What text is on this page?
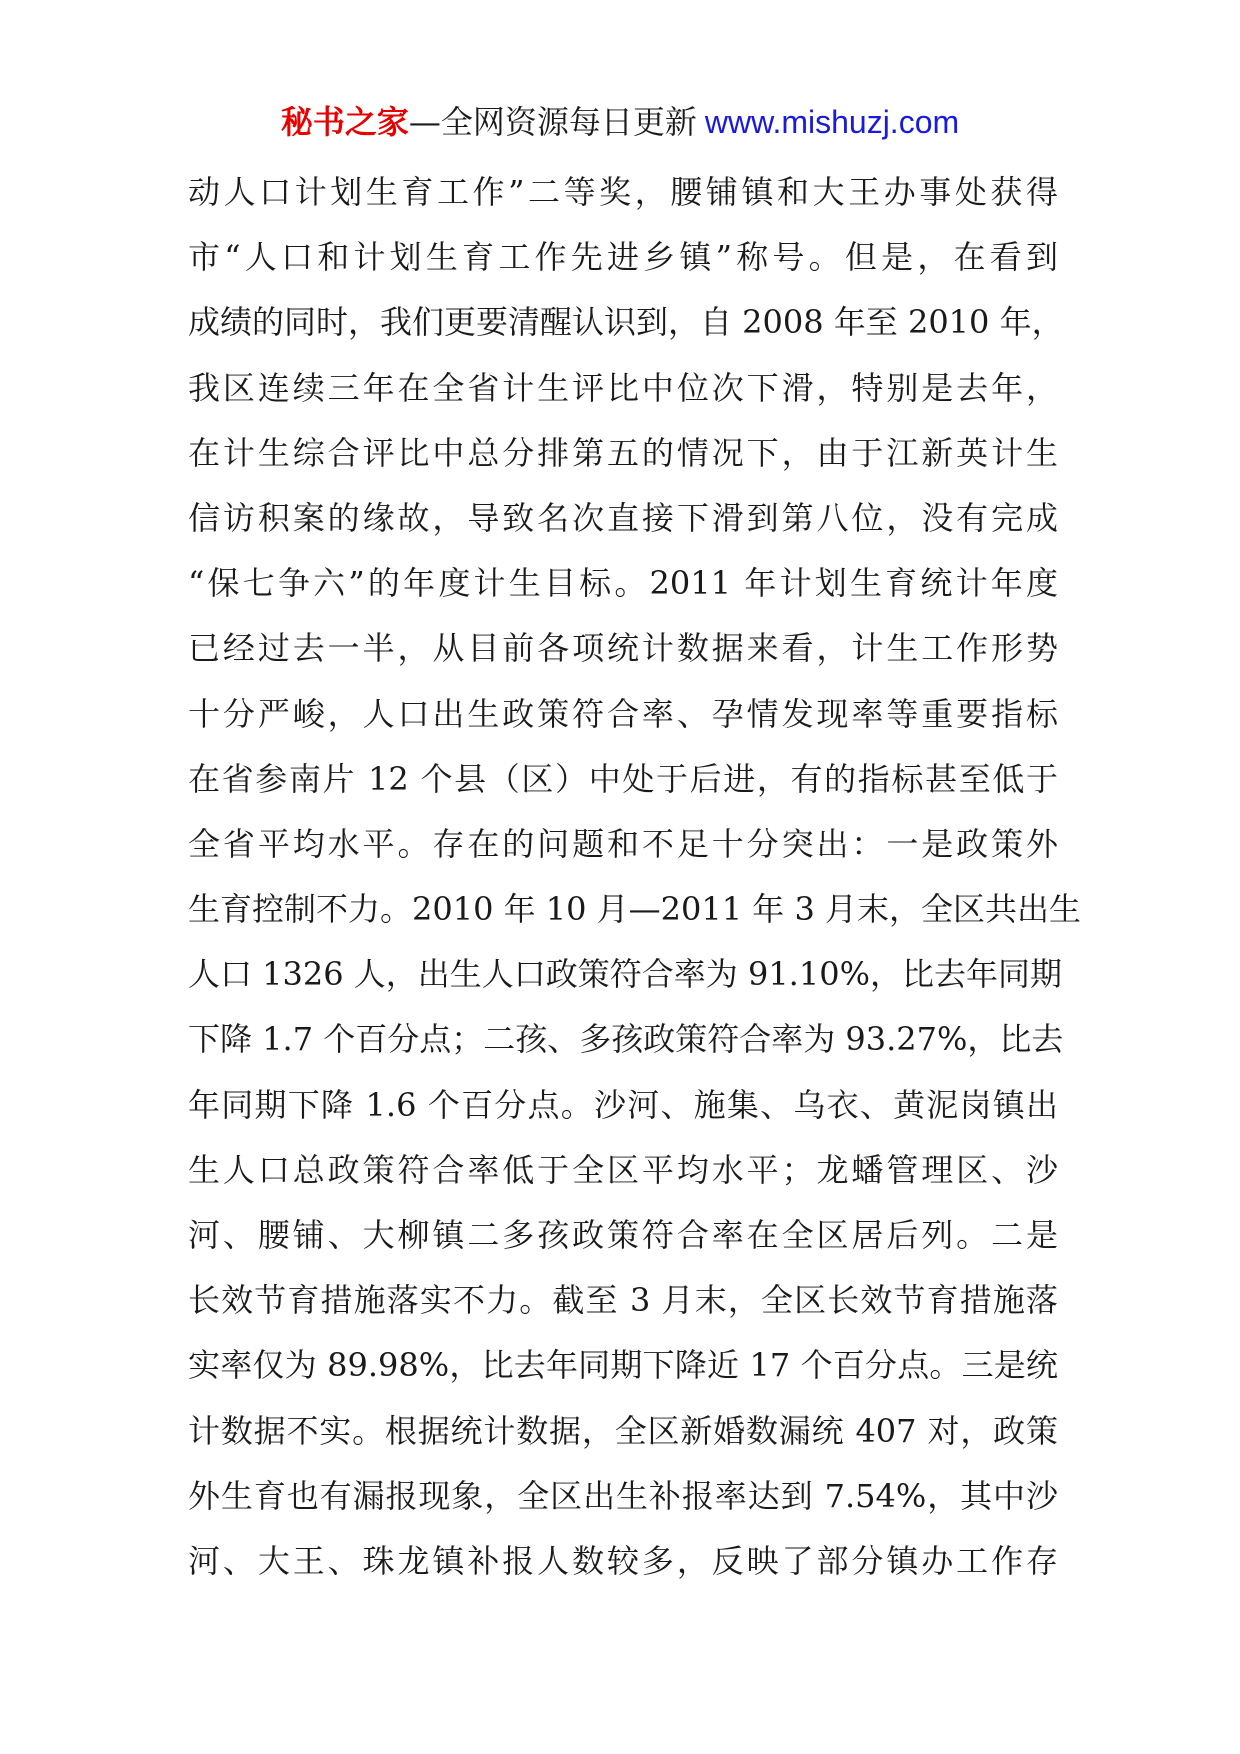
秘书之家—全网资源每日更新 www.mishuzj.com
动人口计划生育工作”二等奖，腰铺镇和大王办事处获得
市“人口和计划生育工作先进乡镇”称号。但是，在看到
成绩的同时，我们更要清醒认识到，自 2008 年至 2010 年，
我区连续三年在全省计生评比中位次下滑，特别是去年，
在计生综合评比中总分排第五的情况下，由于江新英计生
信访积案的缘故，导致名次直接下滑到第八位，没有完成
“保七争六”的年度计生目标。2011 年计划生育统计年度
已经过去一半，从目前各项统计数据来看，计生工作形势
十分严峻，人口出生政策符合率、孕情发现率等重要指标
在省参南片 12 个县（区）中处于后进，有的指标甚至低于
全省平均水平。存在的问题和不足十分突出：一是政策外
生育控制不力。2010 年 10 月—2011 年 3 月末，全区共出生
人口 1326 人，出生人口政策符合率为 91.10%，比去年同期
下降 1.7 个百分点；二孩、多孩政策符合率为 93.27%，比去
年同期下降 1.6 个百分点。沙河、施集、乌衣、黄泥岗镇出
生人口总政策符合率低于全区平均水平；龙蟠管理区、沙
河、腰铺、大柳镇二多孩政策符合率在全区居后列。二是
长效节育措施落实不力。截至 3 月末，全区长效节育措施落
实率仅为 89.98%，比去年同期下降近 17 个百分点。三是统
计数据不实。根据统计数据，全区新婚数漏统 407 对，政策
外生育也有漏报现象，全区出生补报率达到 7.54%，其中沙
河、大王、珠龙镇补报人数较多，反映了部分镇办工作存
